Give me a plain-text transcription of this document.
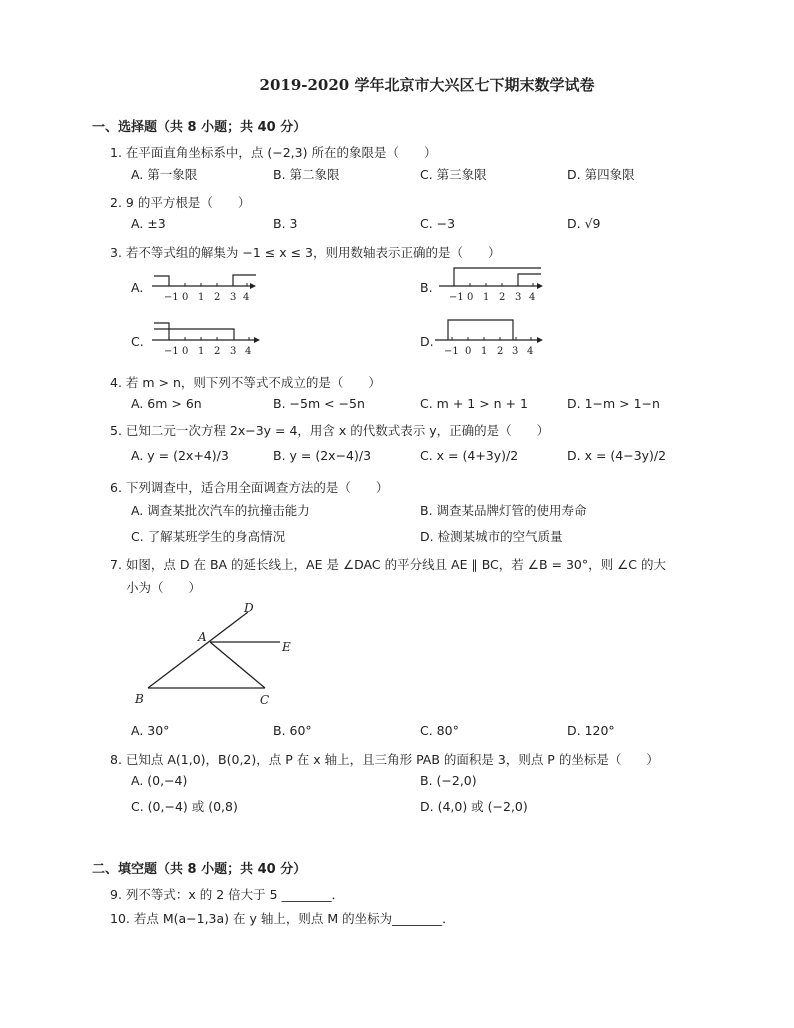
2019-2020 学年北京市大兴区七下期末数学试卷
一、选择题（共 8 小题；共 40 分）
1. 在平面直角坐标系中，点 (−2,3) 所在的象限是（　　）
A. 第一象限	B. 第二象限	C. 第三象限	D. 第四象限
2. 9 的平方根是（　　）
A. ±3	B. 3	C. −3	D. √9
3. 若不等式组的解集为 −1 ≤ x ≤ 3，则用数轴表示正确的是（　　）
A.	B.
C.	D.
−1 0 1 2 3 4	−1 0 1 2 3 4
−1 0 1 2 3 4	−1 0 1 2 3 4
4. 若 m > n，则下列不等式不成立的是（　　）
A. 6m > 6n	B. −5m < −5n	C. m + 1 > n + 1	D. 1−m > 1−n
5. 已知二元一次方程 2x−3y = 4，用含 x 的代数式表示 y，正确的是（　　）
A. y = (2x+4)/3	B. y = (2x−4)/3	C. x = (4+3y)/2	D. x = (4−3y)/2
6. 下列调查中，适合用全面调查方法的是（　　）
A. 调查某批次汽车的抗撞击能力	B. 调查某品牌灯管的使用寿命
C. 了解某班学生的身高情况	D. 检测某城市的空气质量
7. 如图，点 D 在 BA 的延长线上，AE 是 ∠DAC 的平分线且 AE ∥ BC，若 ∠B = 30°，则 ∠C 的大
小为（　　）
D
A
E
B	C
A. 30°	B. 60°	C. 80°	D. 120°
8. 已知点 A(1,0)，B(0,2)，点 P 在 x 轴上，且三角形 PAB 的面积是 3，则点 P 的坐标是（　　）
A. (0,−4)	B. (−2,0)
C. (0,−4) 或 (0,8)	D. (4,0) 或 (−2,0)
二、填空题（共 8 小题；共 40 分）
9. 列不等式：x 的 2 倍大于 5 ________．
10. 若点 M(a−1,3a) 在 y 轴上，则点 M 的坐标为________．
